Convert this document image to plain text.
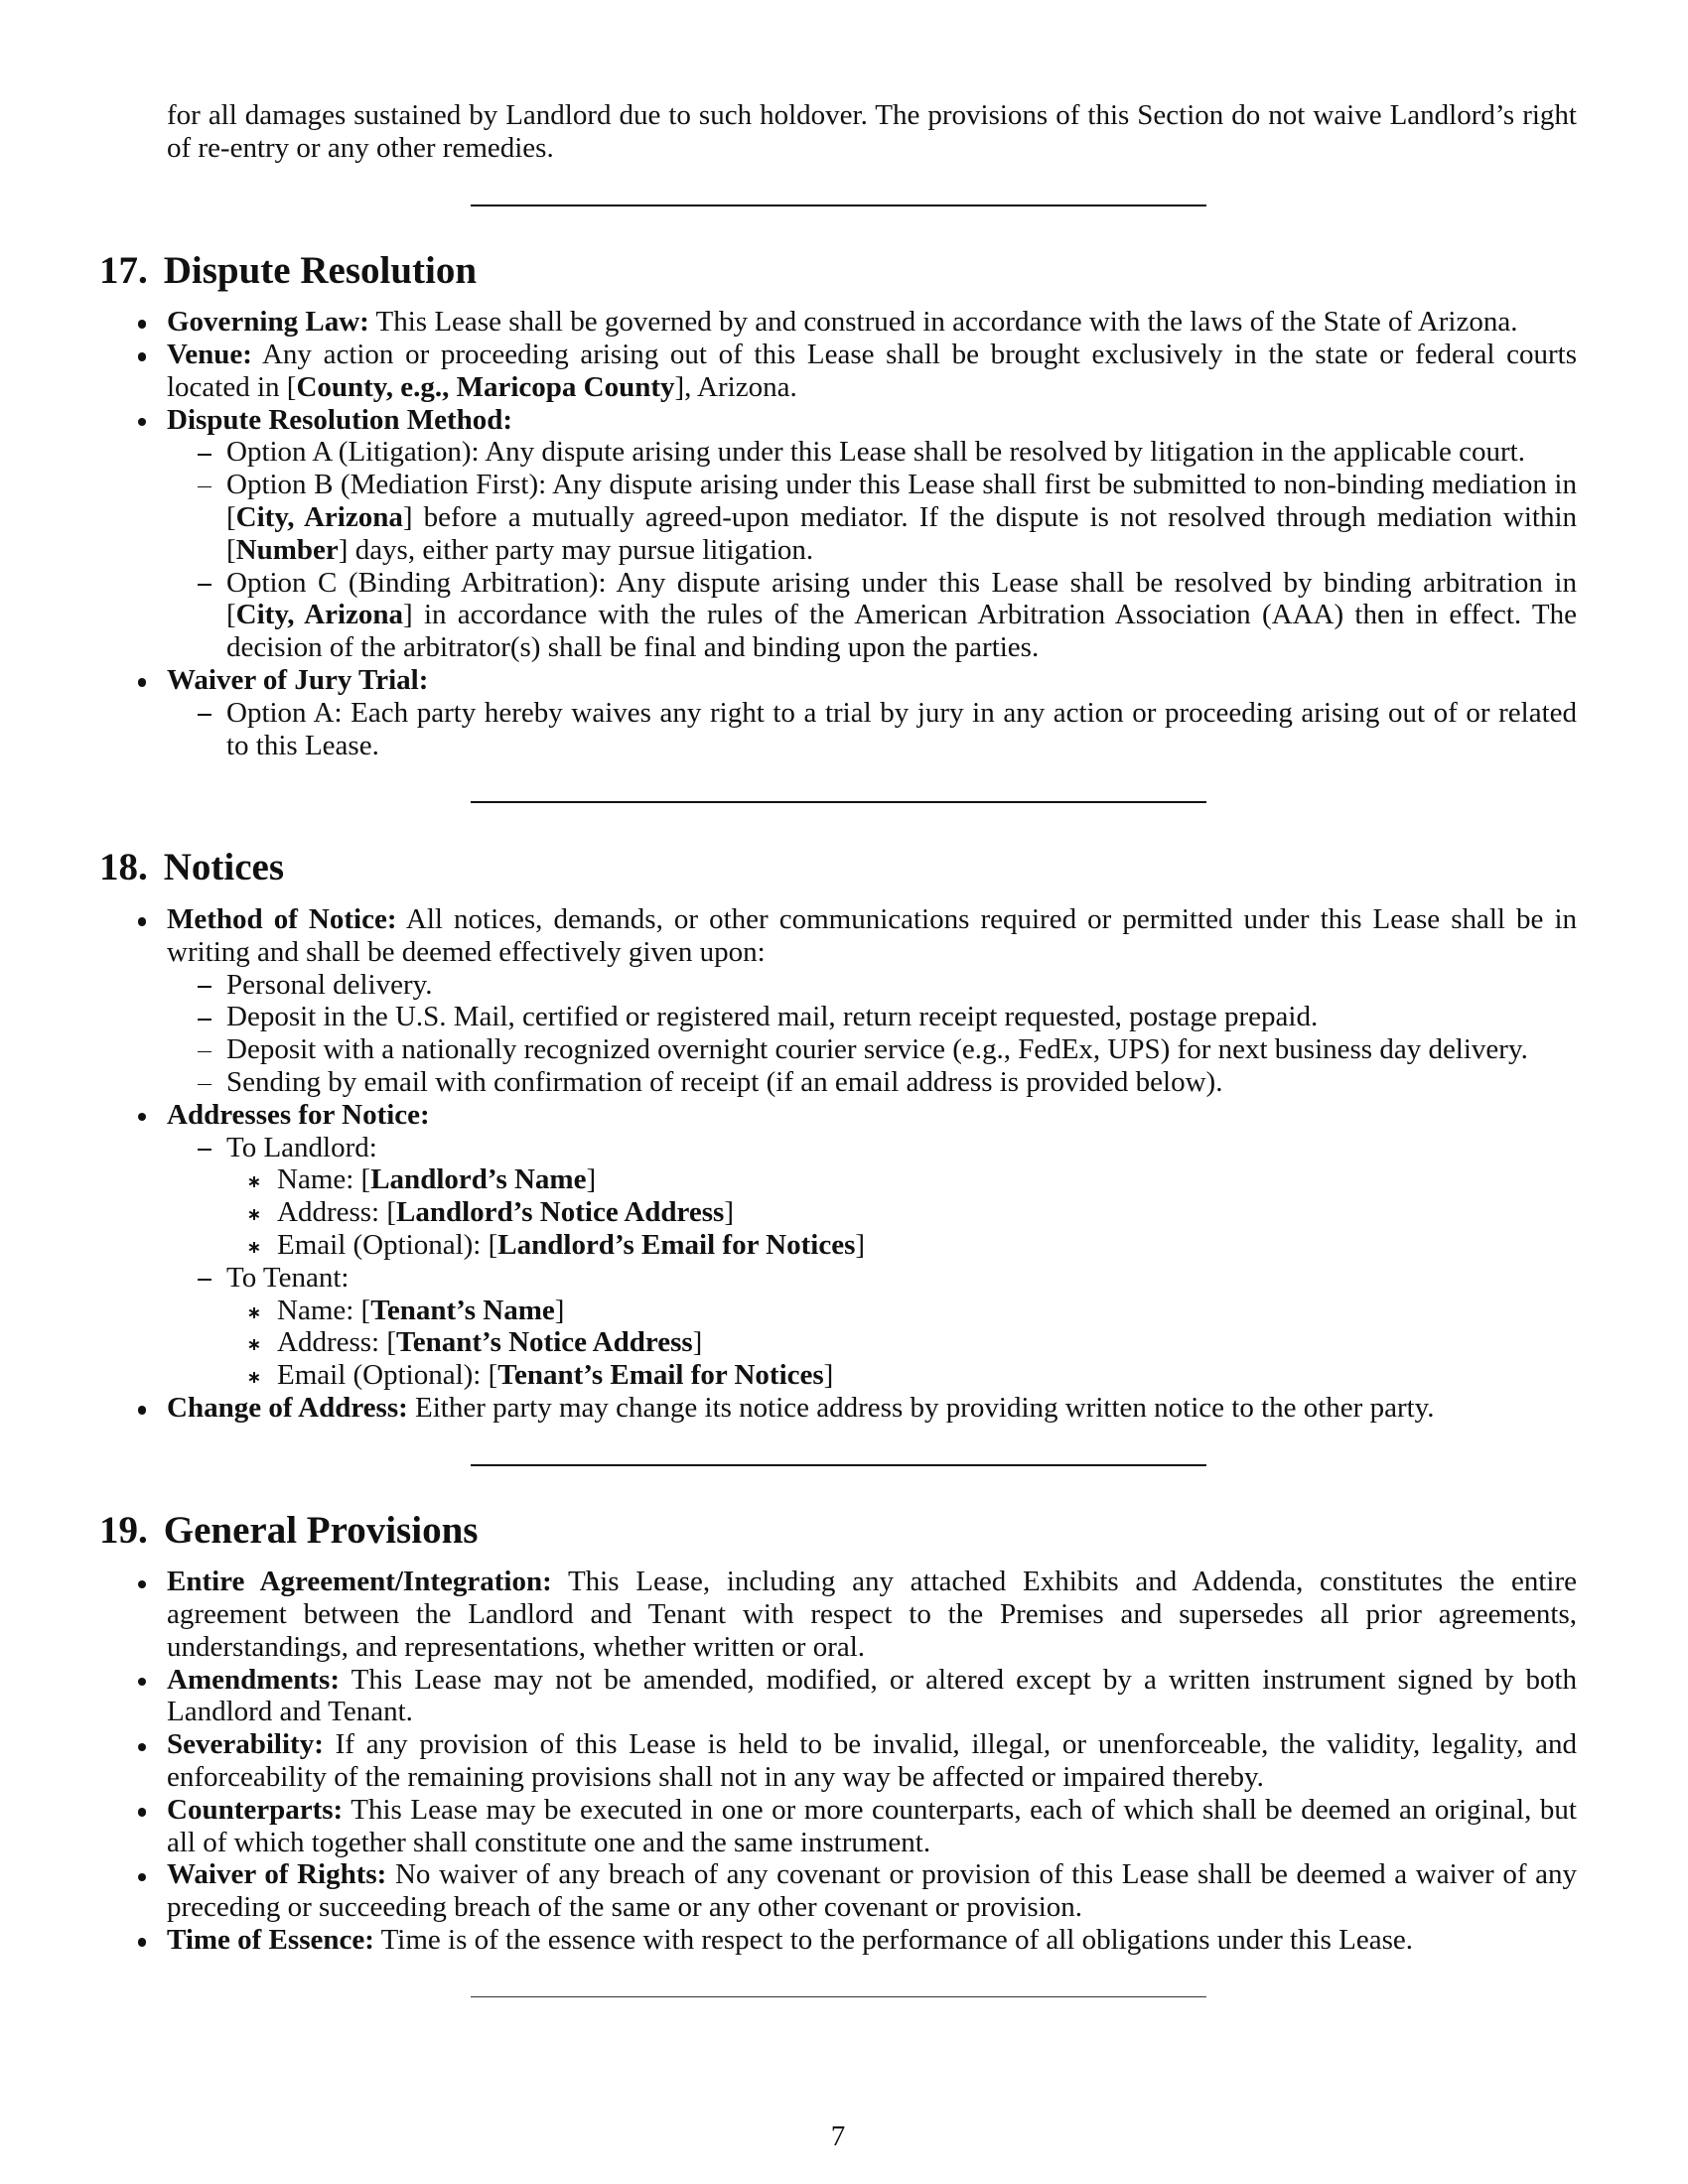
for all damages sustained by Landlord due to such holdover. The provisions of this Section do not waive Landlord’s right of re-entry or any other remedies.
17. Dispute Resolution
Governing Law: This Lease shall be governed by and construed in accordance with the laws of the State of Arizona.
Venue: Any action or proceeding arising out of this Lease shall be brought exclusively in the state or federal courts located in [County, e.g., Maricopa County], Arizona.
Dispute Resolution Method:
Option A (Litigation): Any dispute arising under this Lease shall be resolved by litigation in the applicable court.
Option B (Mediation First): Any dispute arising under this Lease shall first be submitted to non-binding mediation in [City, Arizona] before a mutually agreed-upon mediator. If the dispute is not resolved through mediation within [Number] days, either party may pursue litigation.
Option C (Binding Arbitration): Any dispute arising under this Lease shall be resolved by binding arbitration in [City, Arizona] in accordance with the rules of the American Arbitration Association (AAA) then in effect. The decision of the arbitrator(s) shall be final and binding upon the parties.
Waiver of Jury Trial:
Option A: Each party hereby waives any right to a trial by jury in any action or proceeding arising out of or related to this Lease.
18. Notices
Method of Notice: All notices, demands, or other communications required or permitted under this Lease shall be in writing and shall be deemed effectively given upon:
Personal delivery.
Deposit in the U.S. Mail, certified or registered mail, return receipt requested, postage prepaid.
Deposit with a nationally recognized overnight courier service (e.g., FedEx, UPS) for next business day delivery.
Sending by email with confirmation of receipt (if an email address is provided below).
Addresses for Notice:
To Landlord:
Name: [Landlord’s Name]
Address: [Landlord’s Notice Address]
Email (Optional): [Landlord’s Email for Notices]
To Tenant:
Name: [Tenant’s Name]
Address: [Tenant’s Notice Address]
Email (Optional): [Tenant’s Email for Notices]
Change of Address: Either party may change its notice address by providing written notice to the other party.
19. General Provisions
Entire Agreement/Integration: This Lease, including any attached Exhibits and Addenda, constitutes the entire agreement between the Landlord and Tenant with respect to the Premises and supersedes all prior agreements, understandings, and representations, whether written or oral.
Amendments: This Lease may not be amended, modified, or altered except by a written instrument signed by both Landlord and Tenant.
Severability: If any provision of this Lease is held to be invalid, illegal, or unenforceable, the validity, legality, and enforceability of the remaining provisions shall not in any way be affected or impaired thereby.
Counterparts: This Lease may be executed in one or more counterparts, each of which shall be deemed an original, but all of which together shall constitute one and the same instrument.
Waiver of Rights: No waiver of any breach of any covenant or provision of this Lease shall be deemed a waiver of any preceding or succeeding breach of the same or any other covenant or provision.
Time of Essence: Time is of the essence with respect to the performance of all obligations under this Lease.
7
